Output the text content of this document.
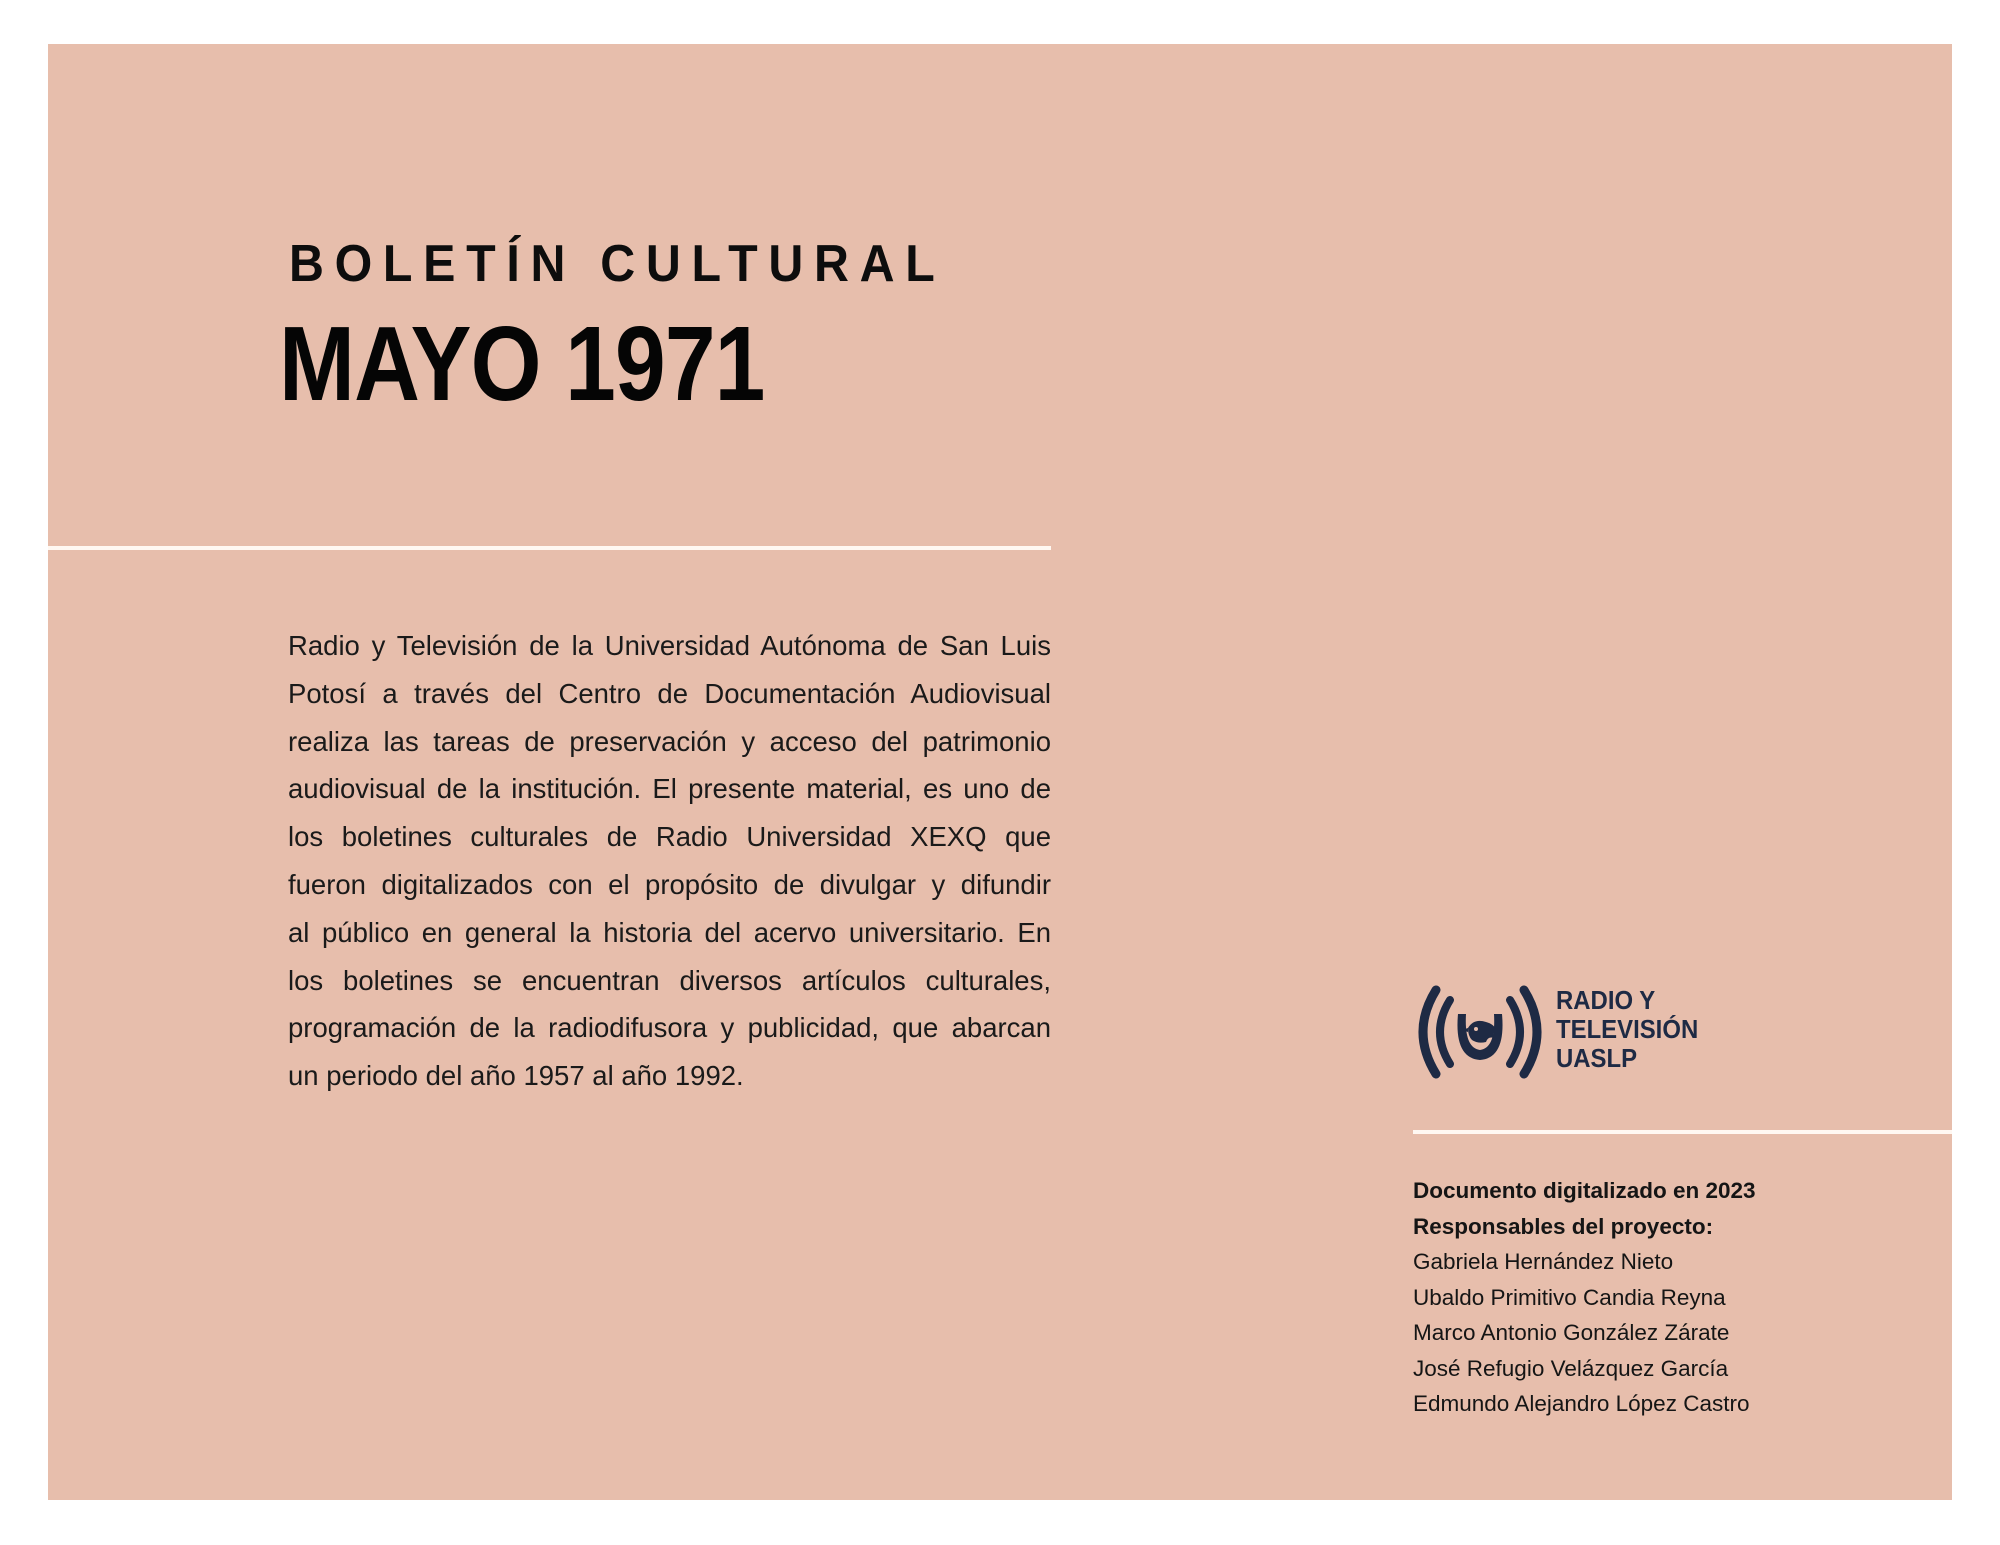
BOLETÍN CULTURAL
MAYO 1971
Radio y Televisión de la Universidad Autónoma de San Luis
Potosí a través del Centro de Documentación Audiovisual
realiza las tareas de preservación y acceso del patrimonio
audiovisual de la institución. El presente material, es uno de
los boletines culturales de Radio Universidad XEXQ que
fueron digitalizados con el propósito de divulgar y difundir
al público en general la historia del acervo universitario. En
los boletines se encuentran diversos artículos culturales,
programación de la radiodifusora y publicidad, que abarcan
un periodo del año 1957 al año 1992.
RADIO Y
TELEVISIÓN
UASLP
Documento digitalizado en 2023
Responsables del proyecto:
Gabriela Hernández Nieto
Ubaldo Primitivo Candia Reyna
Marco Antonio González Zárate
José Refugio Velázquez García
Edmundo Alejandro López Castro
